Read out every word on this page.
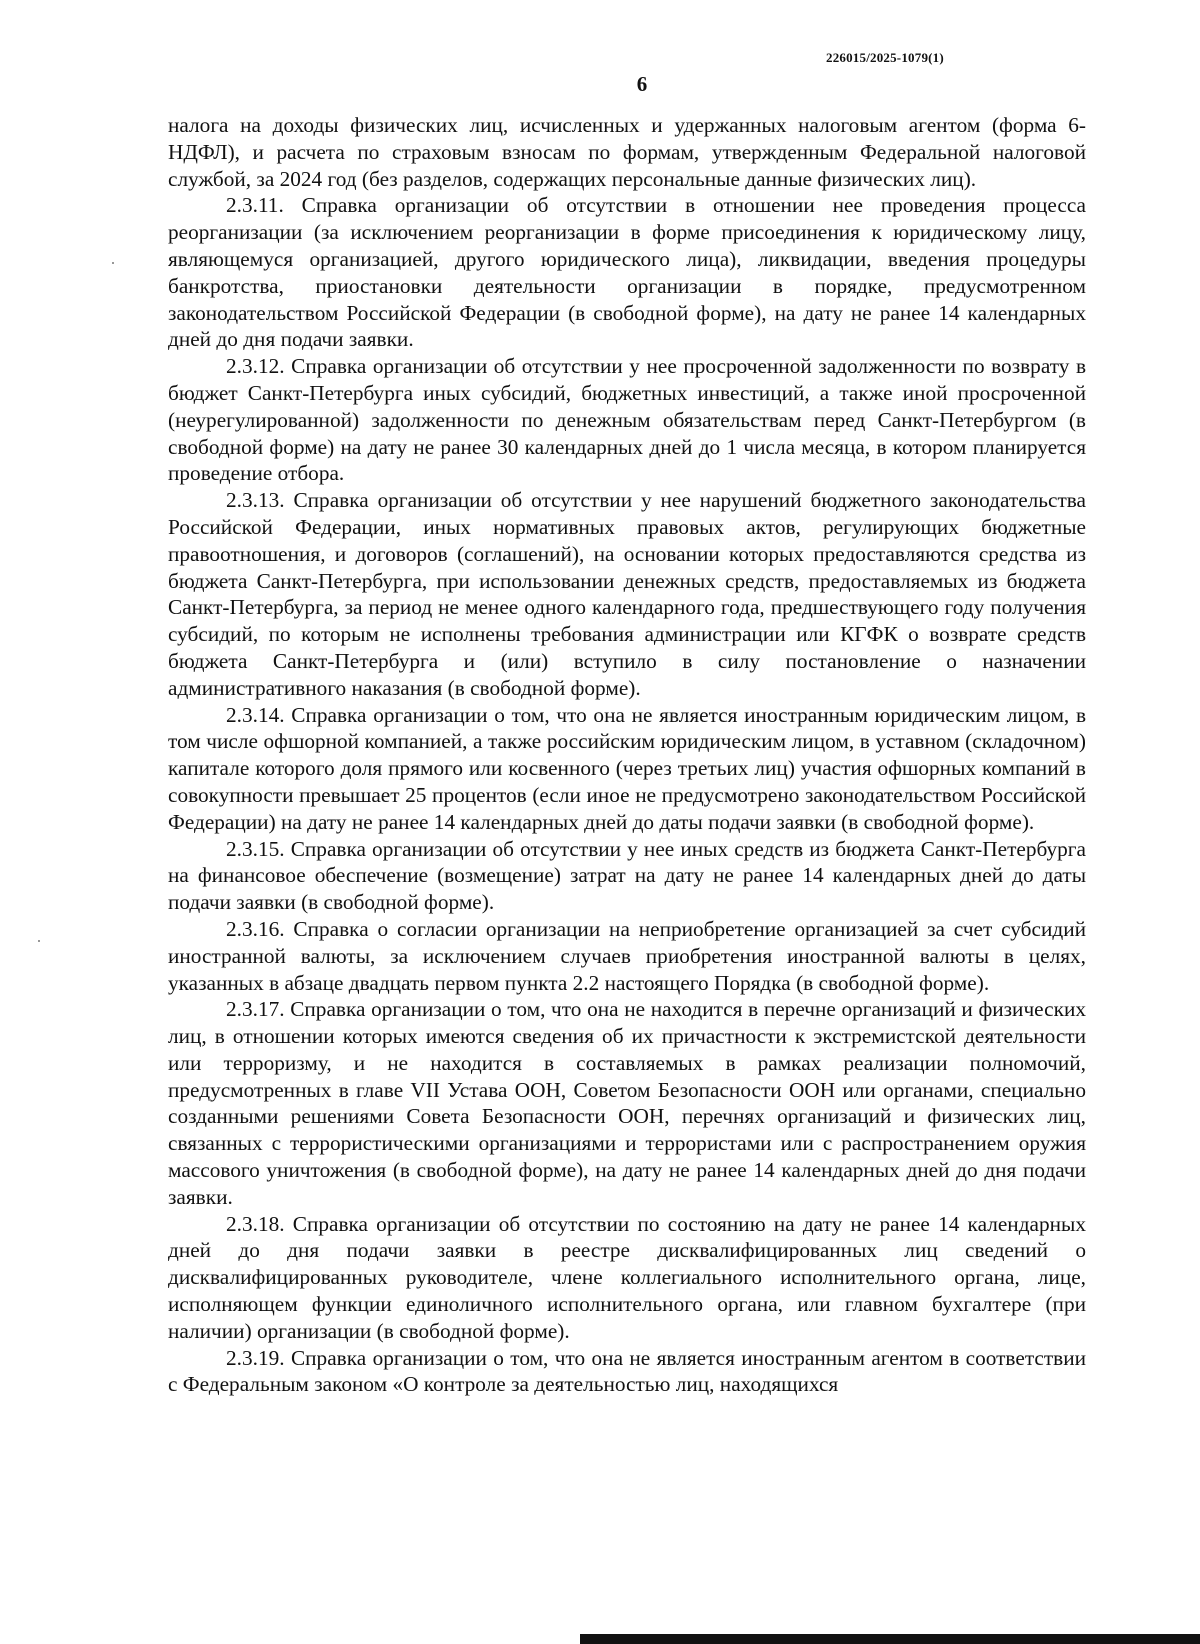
226015/2025-1079(1)
6

налога на доходы физических лиц, исчисленных и удержанных налоговым агентом (форма 6-НДФЛ), и расчета по страховым взносам по формам, утвержденным Федеральной налоговой службой, за 2024 год (без разделов, содержащих персональные данные физических лиц).

2.3.11. Справка организации об отсутствии в отношении нее проведения процесса реорганизации (за исключением реорганизации в форме присоединения к юридическому лицу, являющемуся организацией, другого юридического лица), ликвидации, введения процедуры банкротства, приостановки деятельности организации в порядке, предусмотренном законодательством Российской Федерации (в свободной форме), на дату не ранее 14 календарных дней до дня подачи заявки.

2.3.12. Справка организации об отсутствии у нее просроченной задолженности по возврату в бюджет Санкт-Петербурга иных субсидий, бюджетных инвестиций, а также иной просроченной (неурегулированной) задолженности по денежным обязательствам перед Санкт-Петербургом (в свободной форме) на дату не ранее 30 календарных дней до 1 числа месяца, в котором планируется проведение отбора.

2.3.13. Справка организации об отсутствии у нее нарушений бюджетного законодательства Российской Федерации, иных нормативных правовых актов, регулирующих бюджетные правоотношения, и договоров (соглашений), на основании которых предоставляются средства из бюджета Санкт-Петербурга, при использовании денежных средств, предоставляемых из бюджета Санкт-Петербурга, за период не менее одного календарного года, предшествующего году получения субсидий, по которым не исполнены требования администрации или КГФК о возврате средств бюджета Санкт-Петербурга и (или) вступило в силу постановление о назначении административного наказания (в свободной форме).

2.3.14. Справка организации о том, что она не является иностранным юридическим лицом, в том числе офшорной компанией, а также российским юридическим лицом, в уставном (складочном) капитале которого доля прямого или косвенного (через третьих лиц) участия офшорных компаний в совокупности превышает 25 процентов (если иное не предусмотрено законодательством Российской Федерации) на дату не ранее 14 календарных дней до даты подачи заявки (в свободной форме).

2.3.15. Справка организации об отсутствии у нее иных средств из бюджета Санкт-Петербурга на финансовое обеспечение (возмещение) затрат на дату не ранее 14 календарных дней до даты подачи заявки (в свободной форме).

2.3.16. Справка о согласии организации на неприобретение организацией за счет субсидий иностранной валюты, за исключением случаев приобретения иностранной валюты в целях, указанных в абзаце двадцать первом пункта 2.2 настоящего Порядка (в свободной форме).

2.3.17. Справка организации о том, что она не находится в перечне организаций и физических лиц, в отношении которых имеются сведения об их причастности к экстремистской деятельности или терроризму, и не находится в составляемых в рамках реализации полномочий, предусмотренных в главе VII Устава ООН, Советом Безопасности ООН или органами, специально созданными решениями Совета Безопасности ООН, перечнях организаций и физических лиц, связанных с террористическими организациями и террористами или с распространением оружия массового уничтожения (в свободной форме), на дату не ранее 14 календарных дней до дня подачи заявки.

2.3.18. Справка организации об отсутствии по состоянию на дату не ранее 14 календарных дней до дня подачи заявки в реестре дисквалифицированных лиц сведений о дисквалифицированных руководителе, члене коллегиального исполнительного органа, лице, исполняющем функции единоличного исполнительного органа, или главном бухгалтере (при наличии) организации (в свободной форме).

2.3.19. Справка организации о том, что она не является иностранным агентом в соответствии с Федеральным законом «О контроле за деятельностью лиц, находящихся
